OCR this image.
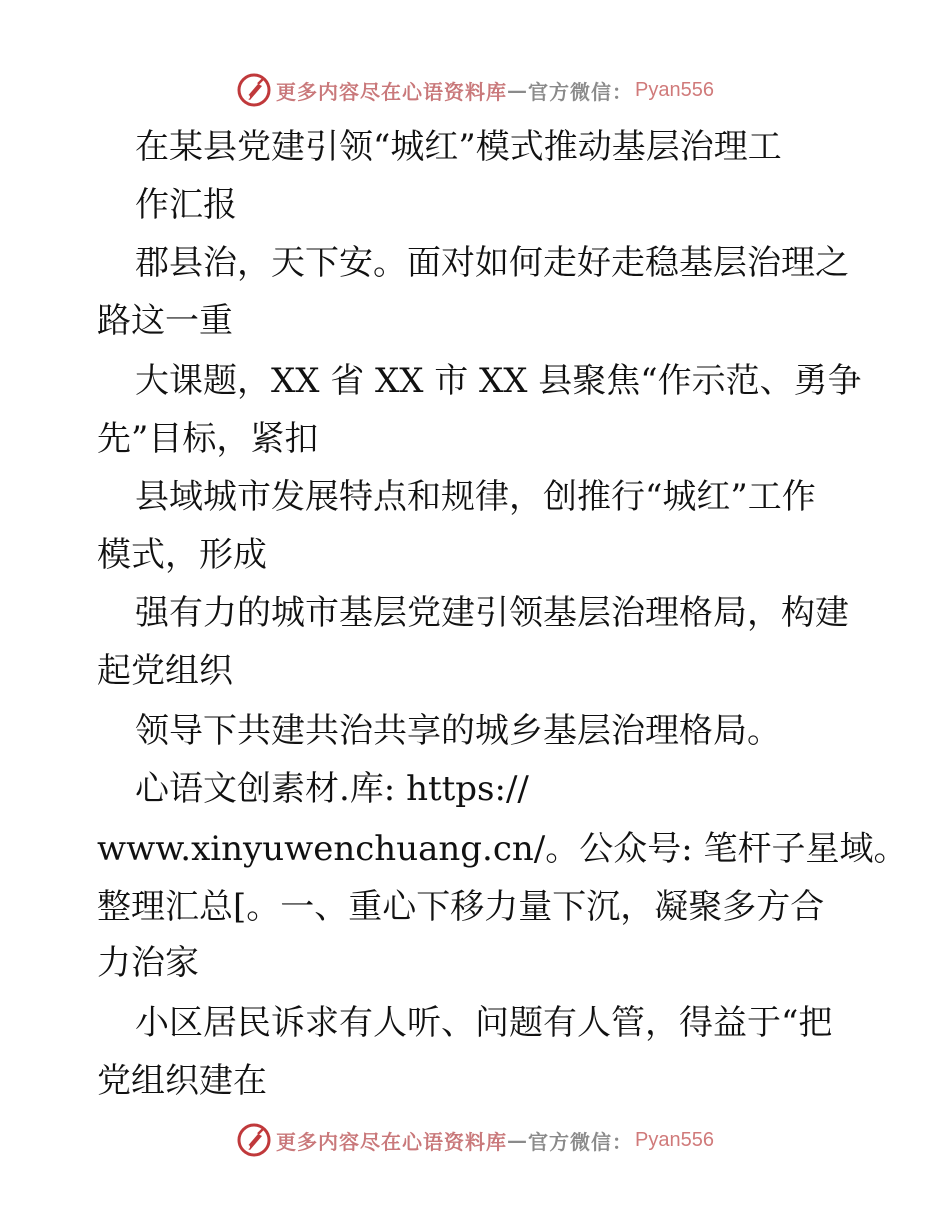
更多内容尽在心语资料库 — 官方微信： Pyan556
在某县党建引领“城红”模式推动基层治理工
作汇报
郡县治，天下安。面对如何走好走稳基层治理之
路这一重
大课题，XX 省 XX 市 XX 县聚焦“作示范、勇争
先”目标，紧扣
县域城市发展特点和规律，创推行“城红”工作
模式，形成
强有力的城市基层党建引领基层治理格局，构建
起党组织
领导下共建共治共享的城乡基层治理格局。
心语文创素材.库: https://
www.xinyuwenchuang.cn/。公众号: 笔杆子星域。
整理汇总[。一、重心下移力量下沉，凝聚多方合
力治家
小区居民诉求有人听、问题有人管，得益于“把
党组织建在
更多内容尽在心语资料库 — 官方微信： Pyan556
